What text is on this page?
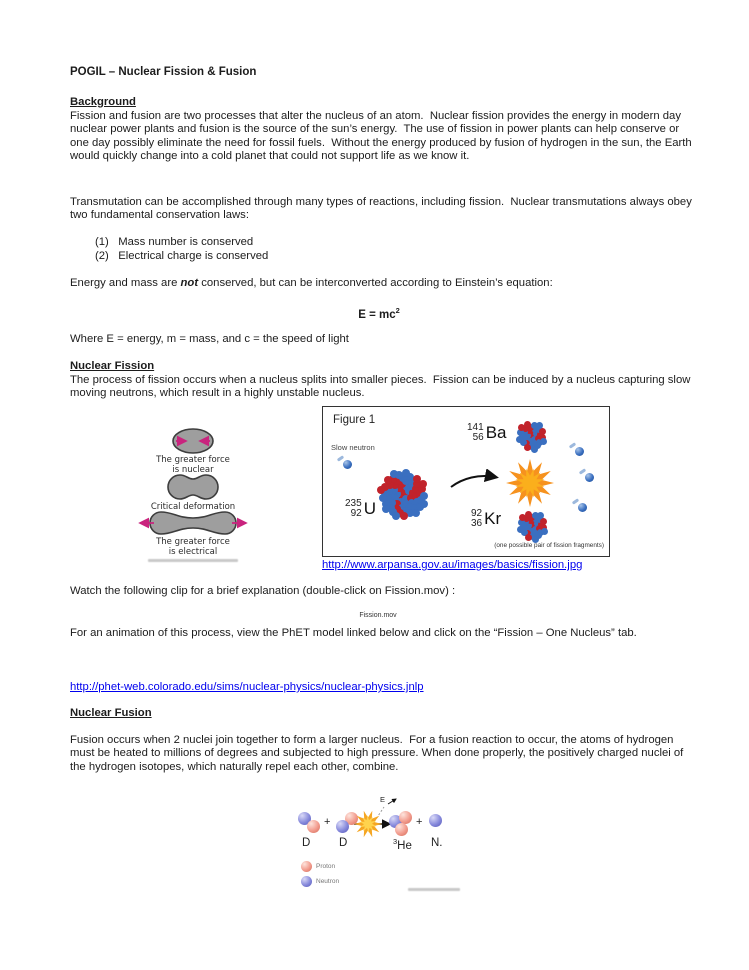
POGIL – Nuclear Fission & Fusion
Background
Fission and fusion are two processes that alter the nucleus of an atom.  Nuclear fission provides the energy in modern day nuclear power plants and fusion is the source of the sun’s energy.  The use of fission in power plants can help conserve or one day possibly eliminate the need for fossil fuels.  Without the energy produced by fusion of hydrogen in the sun, the Earth would quickly change into a cold planet that could not support life as we know it.
Transmutation can be accomplished through many types of reactions, including fission.  Nuclear transmutations always obey two fundamental conservation laws:
(1)   Mass number is conserved
(2)   Electrical charge is conserved
Energy and mass are not conserved, but can be interconverted according to Einstein’s equation:
$E = mc^2$
Where E = energy, m = mass, and c = the speed of light
Nuclear Fission
The process of fission occurs when a nucleus splits into smaller pieces.  Fission can be induced by a nucleus capturing slow moving neutrons, which result in a highly unstable nucleus.
The greater force
is nuclear
Critical deformation
The greater force
is electrical
Figure 1
Slow neutron
235
92 U
141
56 Ba
92
36 Kr
(one possible pair of fission fragments)
http://www.arpansa.gov.au/images/basics/fission.jpg
Watch the following clip for a brief explanation (double-click on Fission.mov) :
Fission.mov
For an animation of this process, view the PhET model linked below and click on the “Fission – One Nucleus” tab.
http://phet-web.colorado.edu/sims/nuclear-physics/nuclear-physics.jnlp
Nuclear Fusion
Fusion occurs when 2 nuclei join together to form a larger nucleus.  For a fusion reaction to occur, the atoms of hydrogen must be heated to millions of degrees and subjected to high pressure. When done properly, the positively charged nuclei of the hydrogen isotopes, which naturally repel each other, combine.
E
+	+
D D	$^3$He N.
Proton
Neutron
